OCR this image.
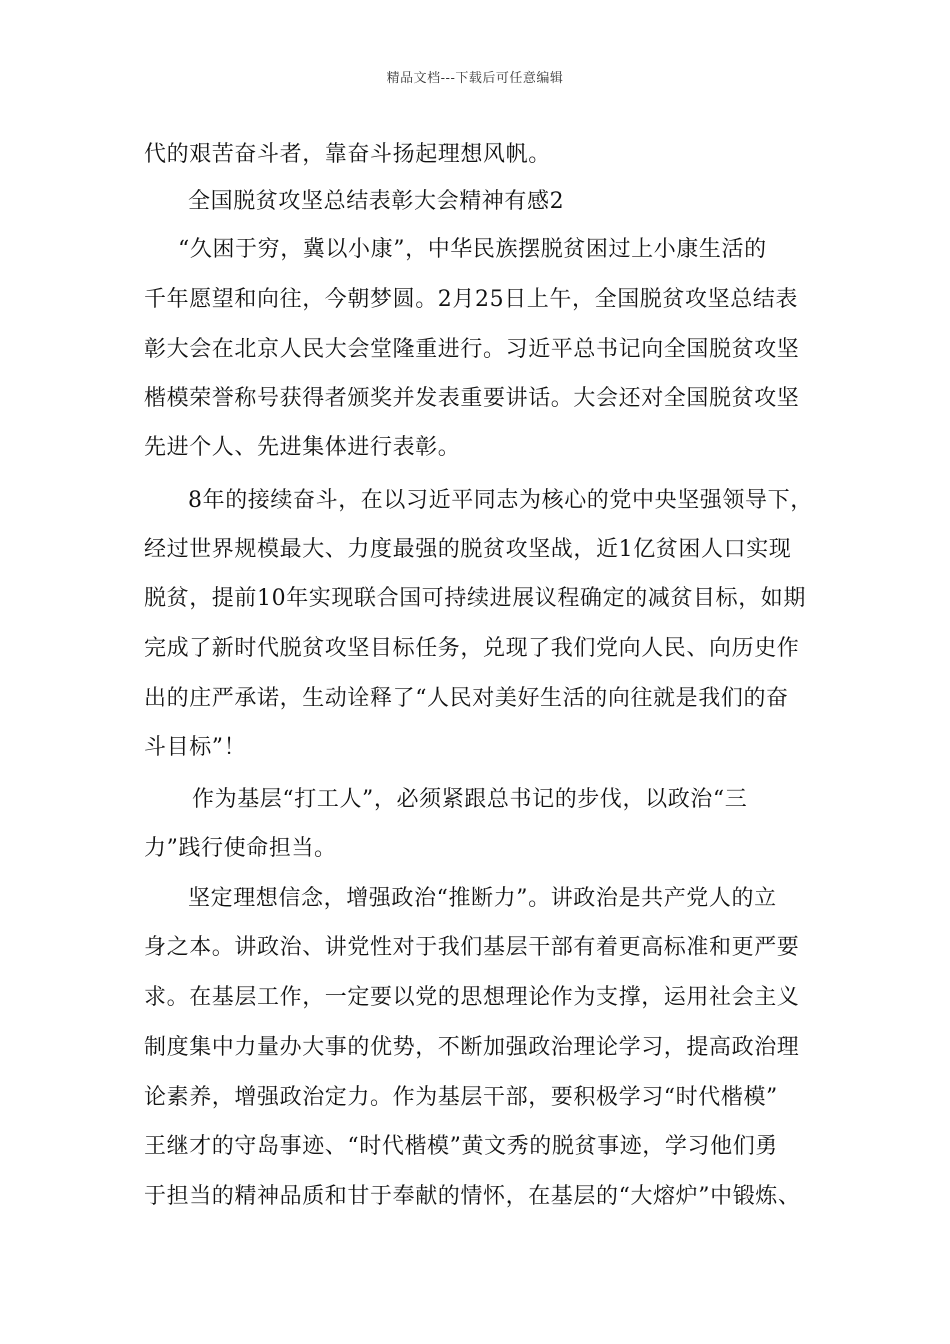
精品文档---下载后可任意编辑
代的艰苦奋斗者，靠奋斗扬起理想风帆。
全国脱贫攻坚总结表彰大会精神有感2
“久困于穷，冀以小康”，中华民族摆脱贫困过上小康生活的
千年愿望和向往，今朝梦圆。2月25日上午，全国脱贫攻坚总结表
彰大会在北京人民大会堂隆重进行。习近平总书记向全国脱贫攻坚
楷模荣誉称号获得者颁奖并发表重要讲话。大会还对全国脱贫攻坚
先进个人、先进集体进行表彰。
8年的接续奋斗，在以习近平同志为核心的党中央坚强领导下，
经过世界规模最大、力度最强的脱贫攻坚战，近1亿贫困人口实现
脱贫，提前10年实现联合国可持续进展议程确定的减贫目标，如期
完成了新时代脱贫攻坚目标任务，兑现了我们党向人民、向历史作
出的庄严承诺，生动诠释了“人民对美好生活的向往就是我们的奋
斗目标”！
作为基层“打工人”，必须紧跟总书记的步伐，以政治“三
力”践行使命担当。
坚定理想信念，增强政治“推断力”。讲政治是共产党人的立
身之本。讲政治、讲党性对于我们基层干部有着更高标准和更严要
求。在基层工作，一定要以党的思想理论作为支撑，运用社会主义
制度集中力量办大事的优势，不断加强政治理论学习，提高政治理
论素养，增强政治定力。作为基层干部，要积极学习“时代楷模”
王继才的守岛事迹、“时代楷模”黄文秀的脱贫事迹，学习他们勇
于担当的精神品质和甘于奉献的情怀，在基层的“大熔炉”中锻炼、
